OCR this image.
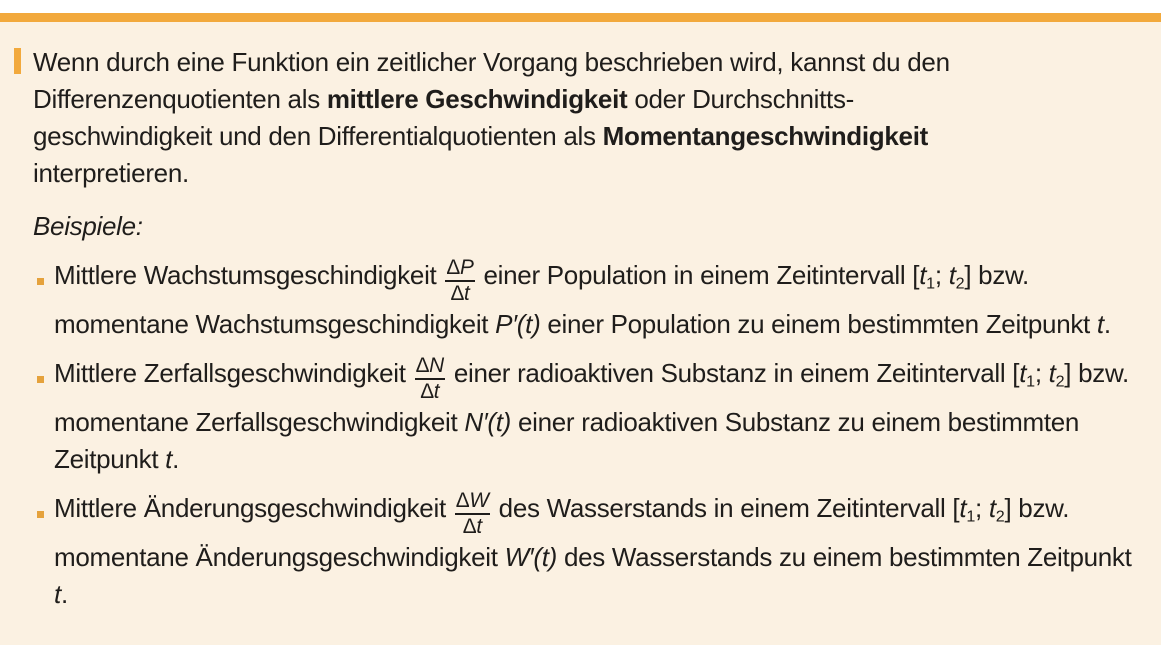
Wenn durch eine Funktion ein zeitlicher Vorgang beschrieben wird, kannst du den Differenzenquotienten als mittlere Geschwindigkeit oder Durchschnitts-geschwindigkeit und den Differentialquotienten als Momentangeschwindigkeit interpretieren.
Beispiele:
Mittlere Wachstumsgeschindigkeit $\frac{\Delta P}{\Delta t}$ einer Population in einem Zeitintervall [$t_1$; $t_2$] bzw. momentane Wachstumsgeschindigkeit P′(t) einer Population zu einem bestimmten Zeitpunkt t.
Mittlere Zerfallsgeschwindigkeit $\frac{\Delta N}{\Delta t}$ einer radioaktiven Substanz in einem Zeitintervall [$t_1$; $t_2$] bzw. momentane Zerfallsgeschwindigkeit N′(t) einer radioaktiven Substanz zu einem bestimmten Zeitpunkt t.
Mittlere Änderungsgeschwindigkeit $\frac{\Delta W}{\Delta t}$ des Wasserstands in einem Zeitintervall [$t_1$; $t_2$] bzw. momentane Änderungsgeschwindigkeit W′(t) des Wasserstands zu einem bestimmten Zeitpunkt t.
